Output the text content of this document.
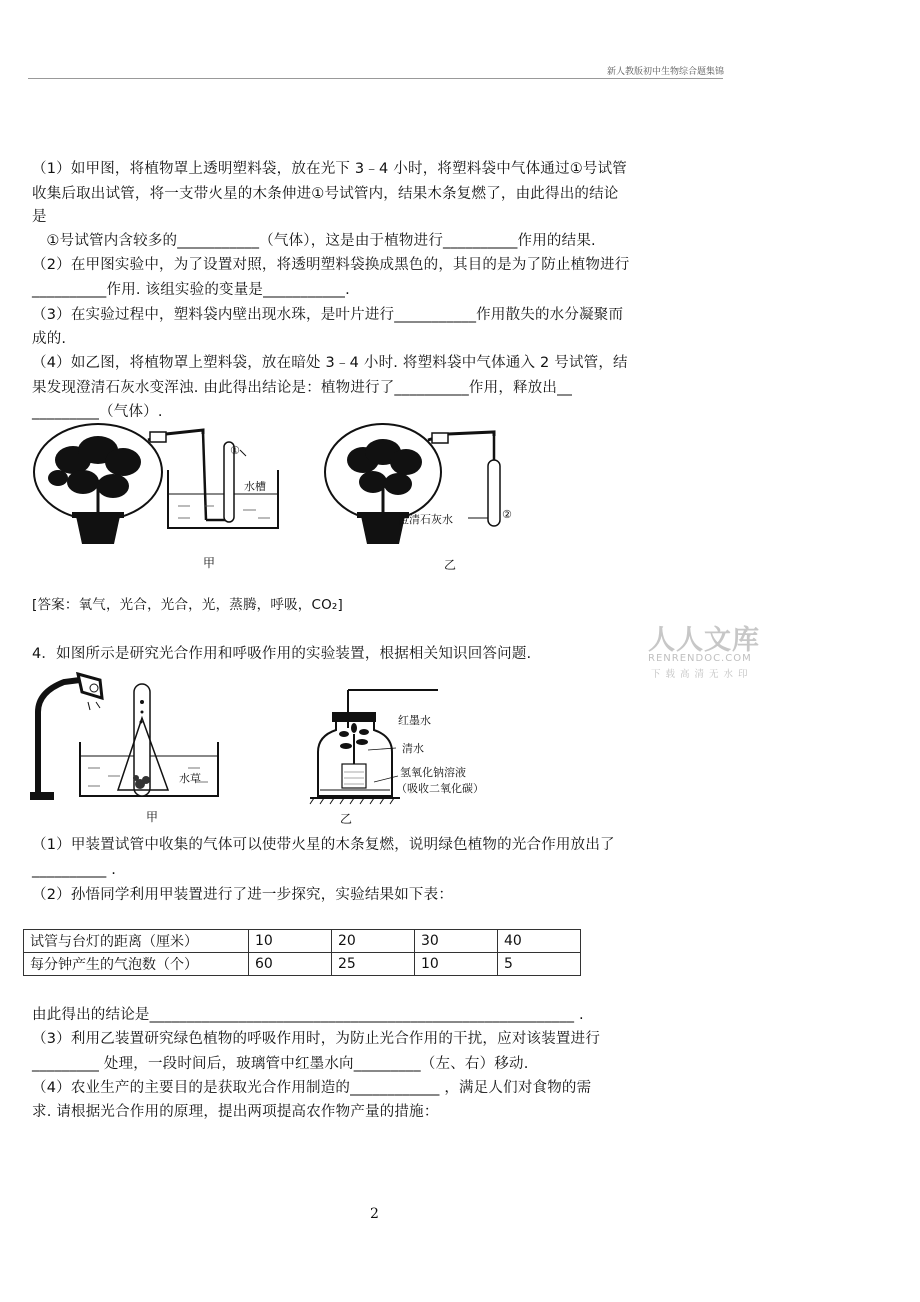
新人教版初中生物综合题集锦
（1）如甲图，将植物罩上透明塑料袋，放在光下 3﹣4 小时，将塑料袋中气体通过①号试管
收集后取出试管，将一支带火星的木条伸进①号试管内，结果木条复燃了，由此得出的结论
是
①号试管内含较多的___________（气体），这是由于植物进行__________作用的结果.
（2）在甲图实验中，为了设置对照，将透明塑料袋换成黑色的，其目的是为了防止植物进行
__________作用. 该组实验的变量是___________.
（3）在实验过程中，塑料袋内壁出现水珠，是叶片进行___________作用散失的水分凝聚而
成的.
（4）如乙图，将植物罩上塑料袋，放在暗处 3﹣4 小时. 将塑料袋中气体通入 2 号试管，结
果发现澄清石灰水变浑浊. 由此得出结论是：植物进行了__________作用，释放出__
_________（气体）.
①
水槽
澄清石灰水	②
甲	乙
[答案：氧气，光合，光合，光，蒸腾，呼吸，CO₂]
人人文库
RENRENDOC.COM
下载高清无水印
4．如图所示是研究光合作用和呼吸作用的实验装置，根据相关知识回答问题.
水草
红墨水
清水
氢氧化钠溶液
（吸收二氧化碳）
甲	乙
（1）甲装置试管中收集的气体可以使带火星的木条复燃，说明绿色植物的光合作用放出了
__________ .
（2）孙悟同学利用甲装置进行了进一步探究，实验结果如下表：
试管与台灯的距离（厘米）	10	20	30	40
每分钟产生的气泡数（个）	60	25	10	5
由此得出的结论是_________________________________________________________ .
（3）利用乙装置研究绿色植物的呼吸作用时，为防止光合作用的干扰，应对该装置进行
_________ 处理，一段时间后，玻璃管中红墨水向_________（左、右）移动.
（4）农业生产的主要目的是获取光合作用制造的____________ ，满足人们对食物的需
求. 请根据光合作用的原理，提出两项提高农作物产量的措施：
2
